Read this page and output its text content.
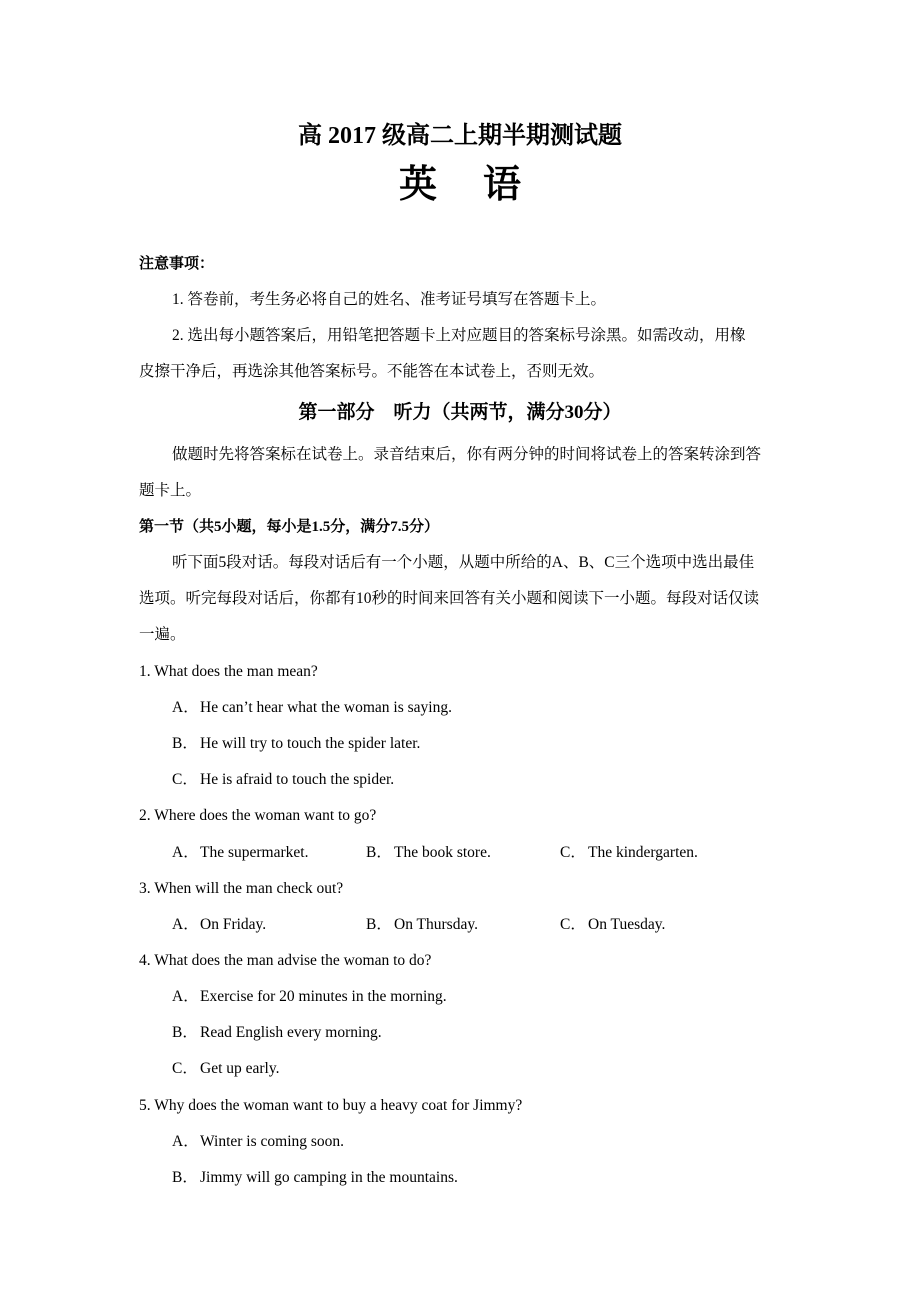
高 2017 级高二上期半期测试题
英 语
注意事项：
1. 答卷前，考生务必将自己的姓名、准考证号填写在答题卡上。
2. 选出每小题答案后，用铅笔把答题卡上对应题目的答案标号涂黑。如需改动，用橡
皮擦干净后，再选涂其他答案标号。不能答在本试卷上，否则无效。
第一部分　听力（共两节，满分30分）
做题时先将答案标在试卷上。录音结束后，你有两分钟的时间将试卷上的答案转涂到答
题卡上。
第一节（共5小题，每小是1.5分，满分7.5分）
听下面5段对话。每段对话后有一个小题，从题中所给的A、B、C三个选项中选出最佳
选项。听完每段对话后，你都有10秒的时间来回答有关小题和阅读下一小题。每段对话仅读
一遍。
1. What does the man mean?
A．He can’t hear what the woman is saying.
B． He will try to touch the spider later.
C． He is afraid to touch the spider.
2. Where does the woman want to go?
A．The supermarket.	B． The book store.	C． The kindergarten.
3. When will the man check out?
A．On Friday.	B． On Thursday.	C． On Tuesday.
4. What does the man advise the woman to do?
A．Exercise for 20 minutes in the morning.
B． Read English every morning.
C． Get up early.
5. Why does the woman want to buy a heavy coat for Jimmy?
A．Winter is coming soon.
B． Jimmy will go camping in the mountains.
